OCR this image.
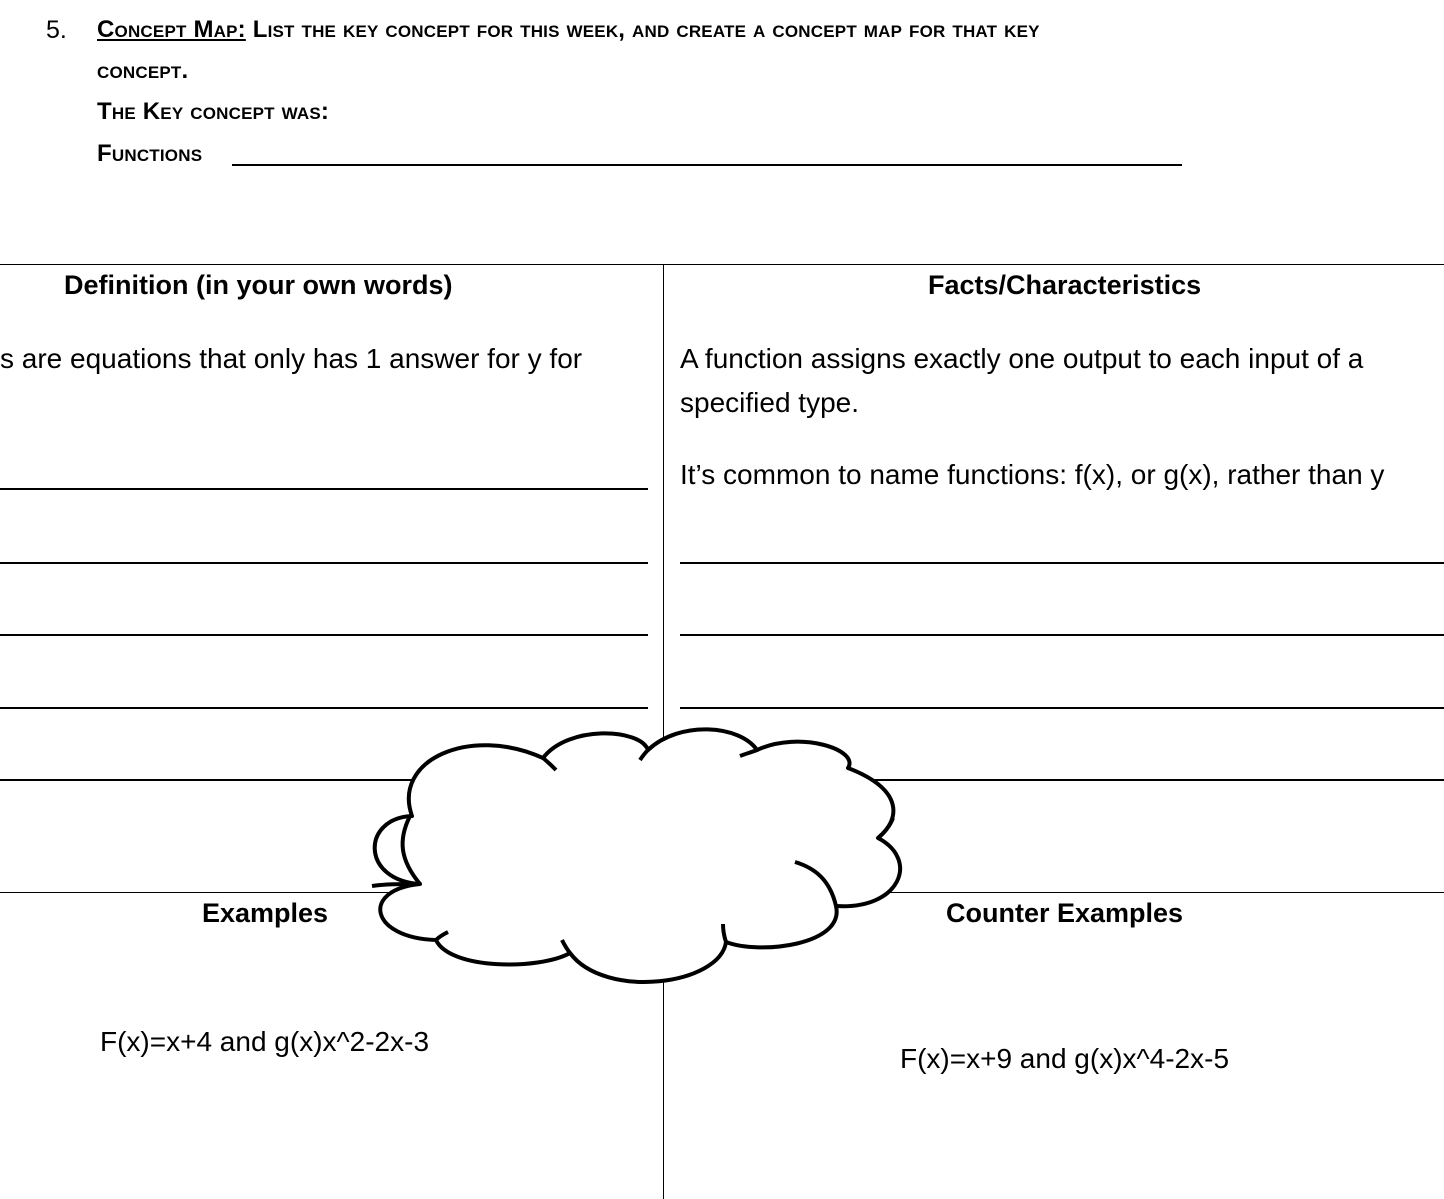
5. Concept Map: List the key concept for this week, and create a concept map for that key
concept.
The Key concept was:
Functions
Definition (in your own words)
s are equations that only has 1 answer for y for
Facts/Characteristics
A function assigns exactly one output to each input of a
specified type.
It’s common to name functions: f(x), or g(x), rather than y
Examples
F(x)=x+4 and g(x)x^2-2x-3
Counter Examples
F(x)=x+9 and g(x)x^4-2x-5
